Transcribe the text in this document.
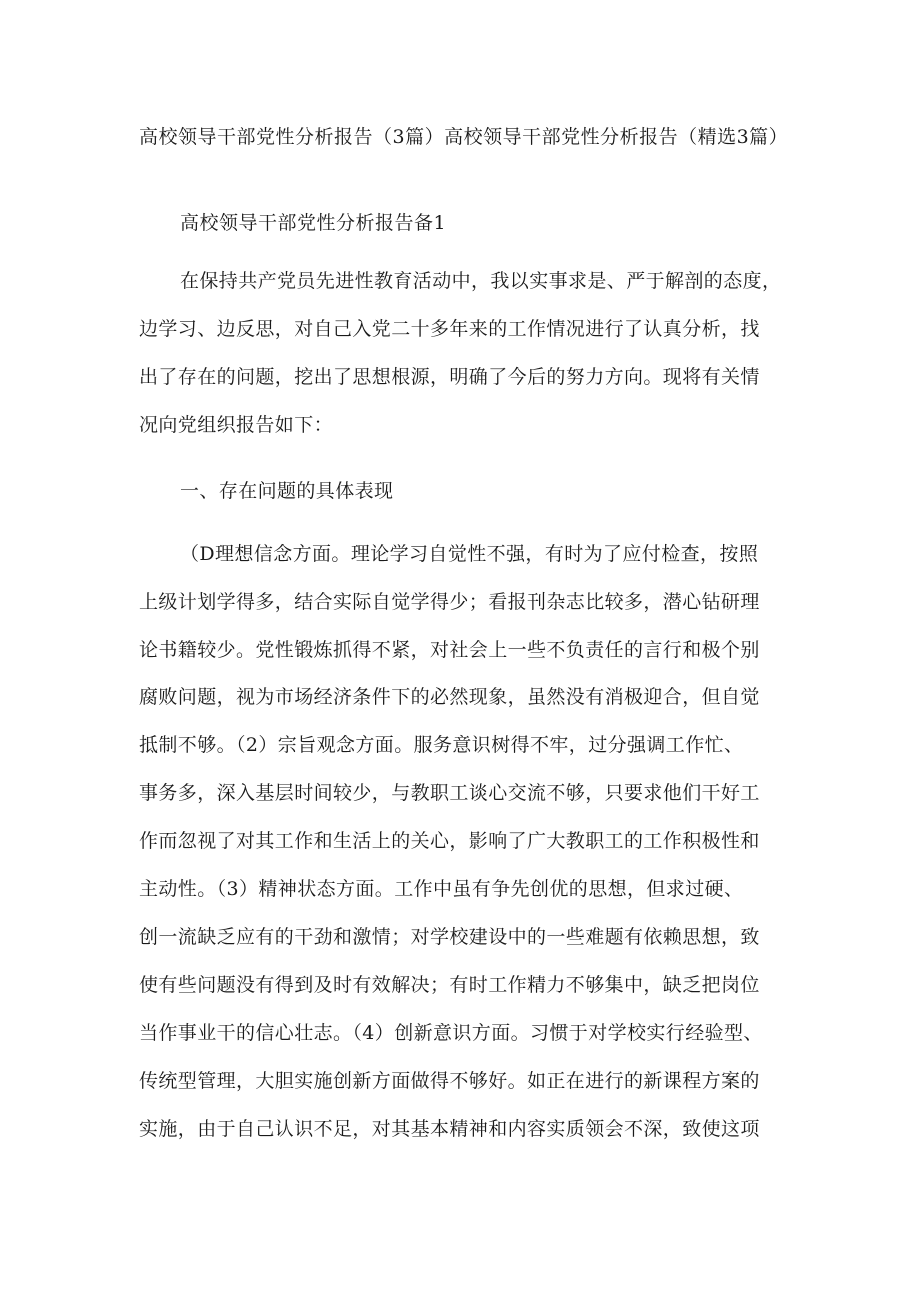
高校领导干部党性分析报告（3篇）高校领导干部党性分析报告（精选3篇）
高校领导干部党性分析报告备1

在保持共产党员先进性教育活动中，我以实事求是、严于解剖的态度，

边学习、边反思，对自己入党二十多年来的工作情况进行了认真分析，找

出了存在的问题，挖出了思想根源，明确了今后的努力方向。现将有关情

况向党组织报告如下：

一、存在问题的具体表现

（D理想信念方面。理论学习自觉性不强，有时为了应付检查，按照

上级计划学得多，结合实际自觉学得少；看报刊杂志比较多，潜心钻研理

论书籍较少。党性锻炼抓得不紧，对社会上一些不负责任的言行和极个别

腐败问题，视为市场经济条件下的必然现象，虽然没有消极迎合，但自觉

抵制不够。（2）宗旨观念方面。服务意识树得不牢，过分强调工作忙、

事务多，深入基层时间较少，与教职工谈心交流不够，只要求他们干好工

作而忽视了对其工作和生活上的关心，影响了广大教职工的工作积极性和

主动性。（3）精神状态方面。工作中虽有争先创优的思想，但求过硬、

创一流缺乏应有的干劲和激情；对学校建设中的一些难题有依赖思想，致

使有些问题没有得到及时有效解决；有时工作精力不够集中，缺乏把岗位

当作事业干的信心壮志。（4）创新意识方面。习惯于对学校实行经验型、

传统型管理，大胆实施创新方面做得不够好。如正在进行的新课程方案的

实施，由于自己认识不足，对其基本精神和内容实质领会不深，致使这项
